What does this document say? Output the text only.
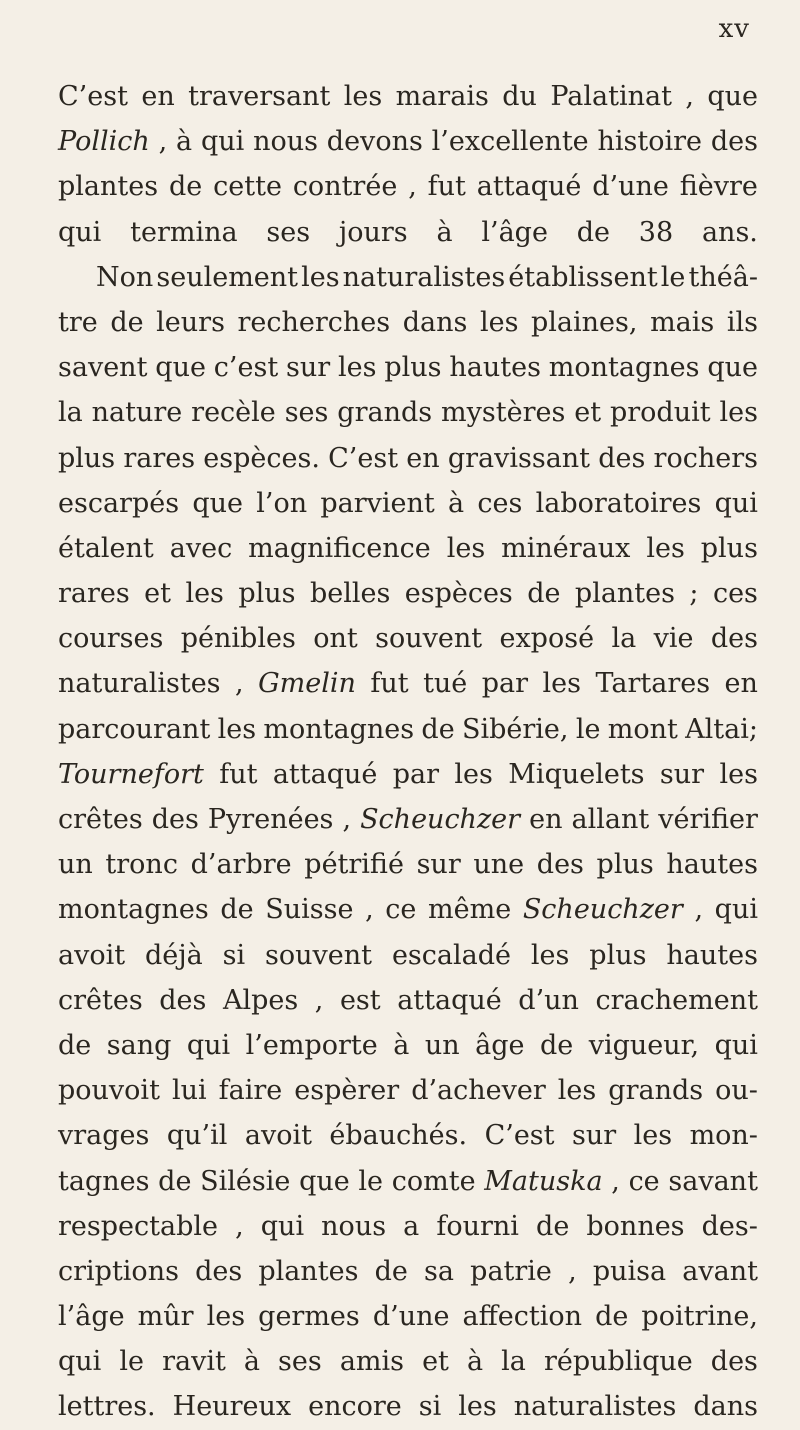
xv
C’est en traversant les marais du Palatinat , que
Pollich , à qui nous devons l’excellente histoire des
plantes de cette contrée , fut attaqué d’une fièvre
qui termina ses jours à l’âge de 38 ans.
Non seulement les naturalistes établissent le théâ-
tre de leurs recherches dans les plaines, mais ils
savent que c’est sur les plus hautes montagnes que
la nature recèle ses grands mystères et produit les
plus rares espèces. C’est en gravissant des rochers
escarpés que l’on parvient à ces laboratoires qui
étalent avec magnificence les minéraux les plus
rares et les plus belles espèces de plantes ; ces
courses pénibles ont souvent exposé la vie des
naturalistes , Gmelin fut tué par les Tartares en
parcourant les montagnes de Sibérie, le mont Altai;
Tournefort fut attaqué par les Miquelets sur les
crêtes des Pyrenées , Scheuchzer en allant vérifier
un tronc d’arbre pétrifié sur une des plus hautes
montagnes de Suisse , ce même Scheuchzer , qui
avoit déjà si souvent escaladé les plus hautes
crêtes des Alpes , est attaqué d’un crachement
de sang qui l’emporte à un âge de vigueur, qui
pouvoit lui faire espèrer d’achever les grands ou-
vrages qu’il avoit ébauchés. C’est sur les mon-
tagnes de Silésie que le comte Matuska , ce savant
respectable , qui nous a fourni de bonnes des-
criptions des plantes de sa patrie , puisa avant
l’âge mûr les germes d’une affection de poitrine,
qui le ravit à ses amis et à la république des
lettres. Heureux encore si les naturalistes dans
